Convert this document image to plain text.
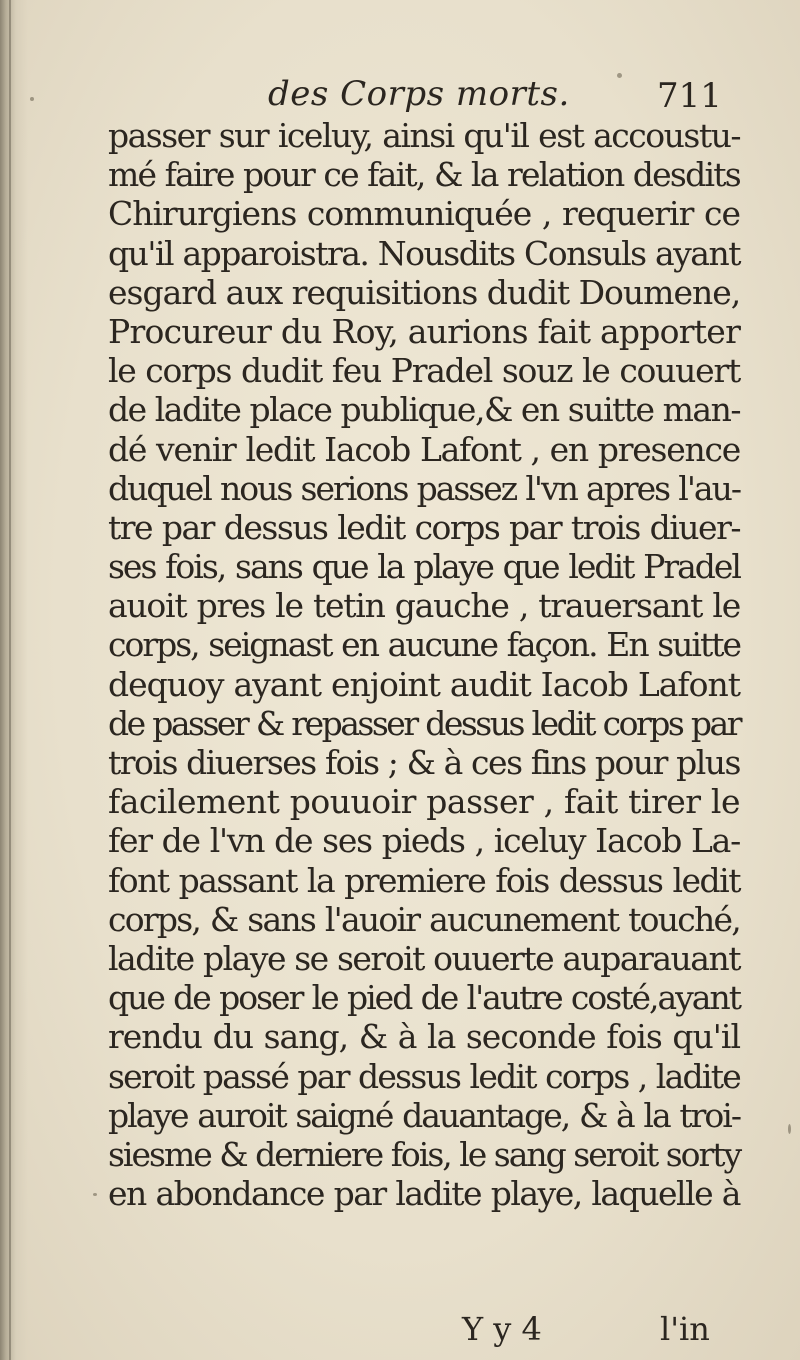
des Corps morts.	711
passer sur iceluy, ainsi qu'il est accoustu-
mé faire pour ce fait, & la relation desdits
Chirurgiens communiquée , requerir ce
qu'il apparoistra. Nousdits Consuls ayant
esgard aux requisitions dudit Doumene,
Procureur du Roy, aurions fait apporter
le corps dudit feu Pradel souz le couuert
de ladite place publique,& en suitte man-
dé venir ledit Iacob Lafont , en presence
duquel nous serions passez l'vn apres l'au-
tre par dessus ledit corps par trois diuer-
ses fois, sans que la playe que ledit Pradel
auoit pres le tetin gauche , trauersant le
corps, seignast en aucune façon. En suitte
dequoy ayant enjoint audit Iacob Lafont
de passer & repasser dessus ledit corps par
trois diuerses fois ; & à ces fins pour plus
facilement pouuoir passer , fait tirer le
fer de l'vn de ses pieds , iceluy Iacob La-
font passant la premiere fois dessus ledit
corps, & sans l'auoir aucunement touché,
ladite playe se seroit ouuerte auparauant
que de poser le pied de l'autre costé,ayant
rendu du sang, & à la seconde fois qu'il
seroit passé par dessus ledit corps , ladite
playe auroit saigné dauantage, & à la troi-
siesme & derniere fois, le sang seroit sorty
en abondance par ladite playe, laquelle à
Y y 4	l'in
